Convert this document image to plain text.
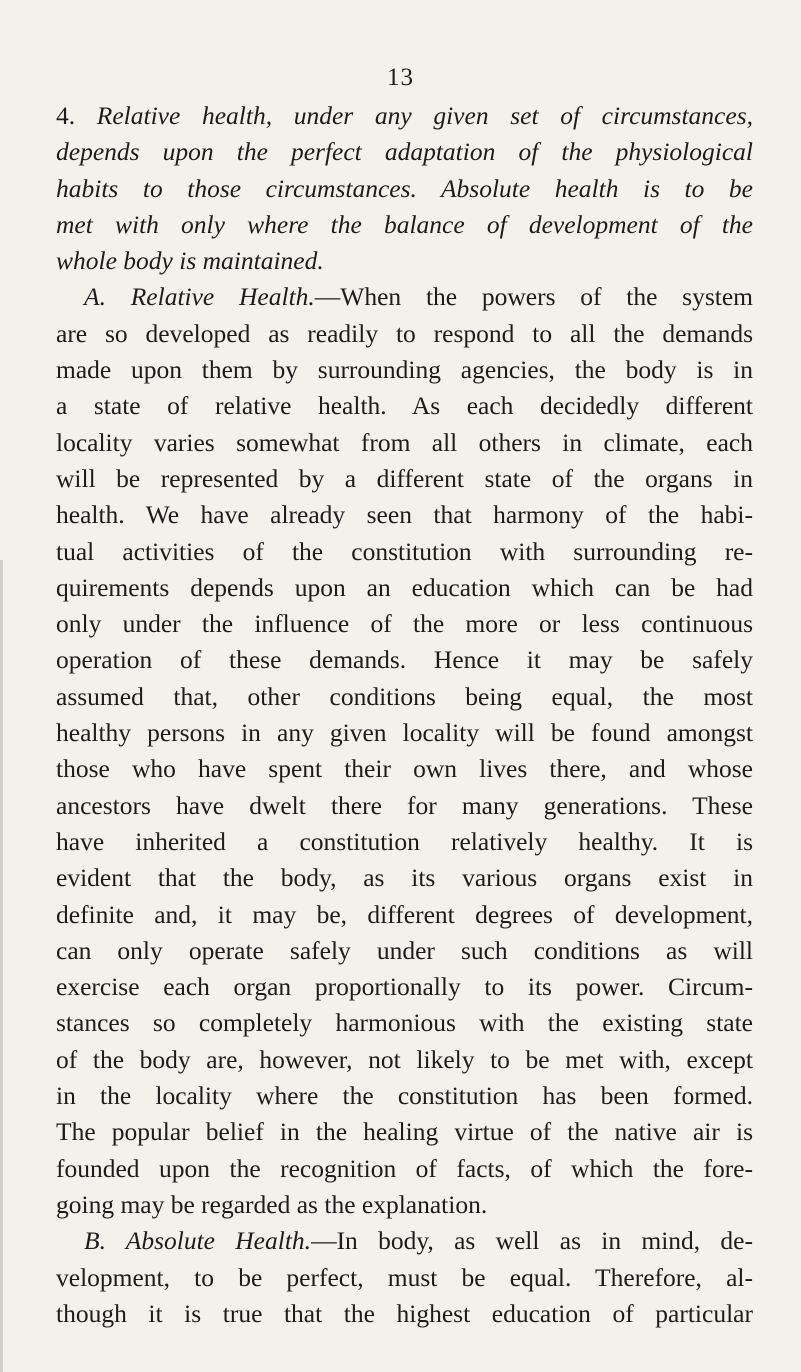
13
4. Relative health, under any given set of circumstances,
depends upon the perfect adaptation of the physiological
habits to those circumstances. Absolute health is to be
met with only where the balance of development of the
whole body is maintained.
A. Relative Health.—When the powers of the system
are so developed as readily to respond to all the demands
made upon them by surrounding agencies, the body is in
a state of relative health. As each decidedly different
locality varies somewhat from all others in climate, each
will be represented by a different state of the organs in
health. We have already seen that harmony of the habi-
tual activities of the constitution with surrounding re-
quirements depends upon an education which can be had
only under the influence of the more or less continuous
operation of these demands. Hence it may be safely
assumed that, other conditions being equal, the most
healthy persons in any given locality will be found amongst
those who have spent their own lives there, and whose
ancestors have dwelt there for many generations. These
have inherited a constitution relatively healthy. It is
evident that the body, as its various organs exist in
definite and, it may be, different degrees of development,
can only operate safely under such conditions as will
exercise each organ proportionally to its power. Circum-
stances so completely harmonious with the existing state
of the body are, however, not likely to be met with, except
in the locality where the constitution has been formed.
The popular belief in the healing virtue of the native air is
founded upon the recognition of facts, of which the fore-
going may be regarded as the explanation.
B. Absolute Health.—In body, as well as in mind, de-
velopment, to be perfect, must be equal. Therefore, al-
though it is true that the highest education of particular
